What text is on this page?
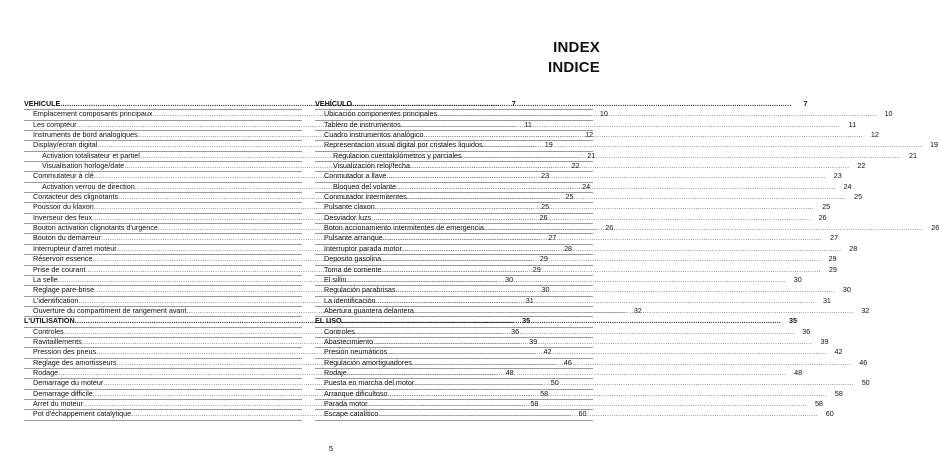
INDEX
INDICE
VEHICULE .....	7
Emplacement composants principaux .....	10
Les compteur .....	11
Instruments de bord analogiques .....	12
Display/ecran digital .....	19
Activation totalisateur et partiel .....	21
Visualisation horloge/date .....	22
Commutateur à clé .....	23
Activation verrou de direction .....	24
Contacteur des clignotants .....	25
Poussoir du klaxon .....	25
Inverseur des feux .....	26
Bouton activation clignotants d'urgence .....	26
Bouton du demarreur .....	27
Interrupteur d'arret moteur .....	28
Réservoir essence .....	29
Prise de courant .....	29
La selle .....	30
Reglage pare-brise .....	30
L'identification .....	31
Ouverture du compartiment de rangement avant .....	32
L'UTILISATION .....	35
Controles .....	36
Ravitaillements .....	39
Pression des pneus .....	42
Reglage des amortisseurs .....	46
Rodage .....	48
Demarrage du moteur .....	50
Demarrage difficile .....	58
Arret du moteur .....	58
Pot d'échappement catalytique .....	60
VEHÍCULO .....	7
Ubicación componentes principales .....	10
Tablero de instrumentos .....	11
Cuadro instrumentos analógico .....	12
Representacion visual digital por cristales liquidos .....	19
Regulacion cuentakilómetros y parciales .....	21
Visualización reloj/fecha .....	22
Conmutador a llave .....	23
Bloqueo del volante .....	24
Conmutador intermitentes .....	25
Pulsante claxon .....	25
Desviador luzs .....	26
Boton accionamiento intermitentes de emergencia .....	26
Pulsante arranque .....	27
Interruptor parada motor .....	28
Deposito gasolina .....	29
Toma de corriente .....	29
El sillin .....	30
Regulación parabrisas .....	30
La identificación .....	31
Abertura guantera delantera .....	32
EL USO .....	35
Controles .....	36
Abastecimiento .....	39
Presión neumáticos .....	42
Regulación amortiguadores .....	46
Rodaje .....	48
Puesta en marcha del motor .....	50
Arranque dificultoso .....	58
Parada motor .....	58
Escape catalítico .....	60
5
